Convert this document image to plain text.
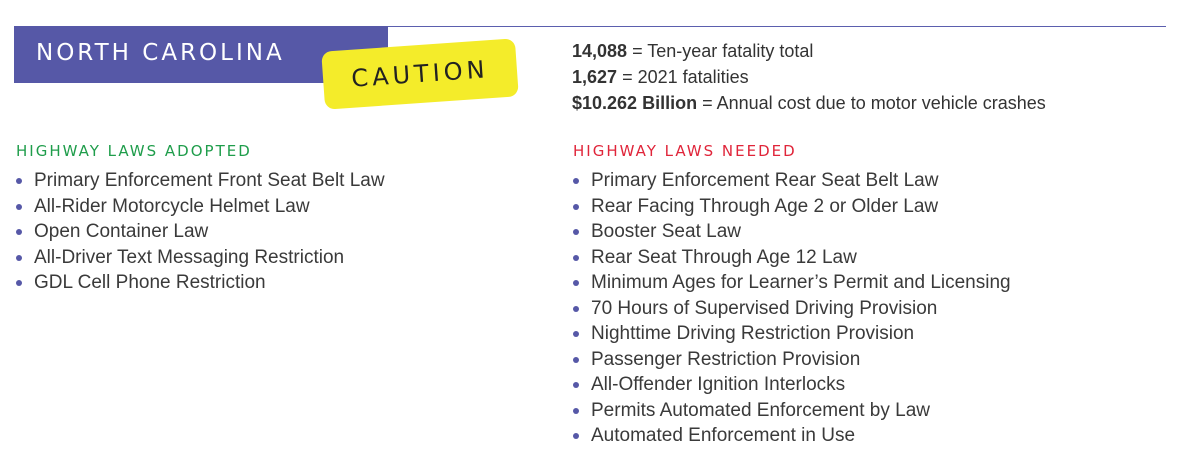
NORTH CAROLINA
CAUTION
14,088 = Ten-year fatality total
1,627 = 2021 fatalities
$10.262 Billion = Annual cost due to motor vehicle crashes
HIGHWAY LAWS ADOPTED
Primary Enforcement Front Seat Belt Law
All-Rider Motorcycle Helmet Law
Open Container Law
All-Driver Text Messaging Restriction
GDL Cell Phone Restriction
HIGHWAY LAWS NEEDED
Primary Enforcement Rear Seat Belt Law
Rear Facing Through Age 2 or Older Law
Booster Seat Law
Rear Seat Through Age 12 Law
Minimum Ages for Learner’s Permit and Licensing
70 Hours of Supervised Driving Provision
Nighttime Driving Restriction Provision
Passenger Restriction Provision
All-Offender Ignition Interlocks
Permits Automated Enforcement by Law
Automated Enforcement in Use
